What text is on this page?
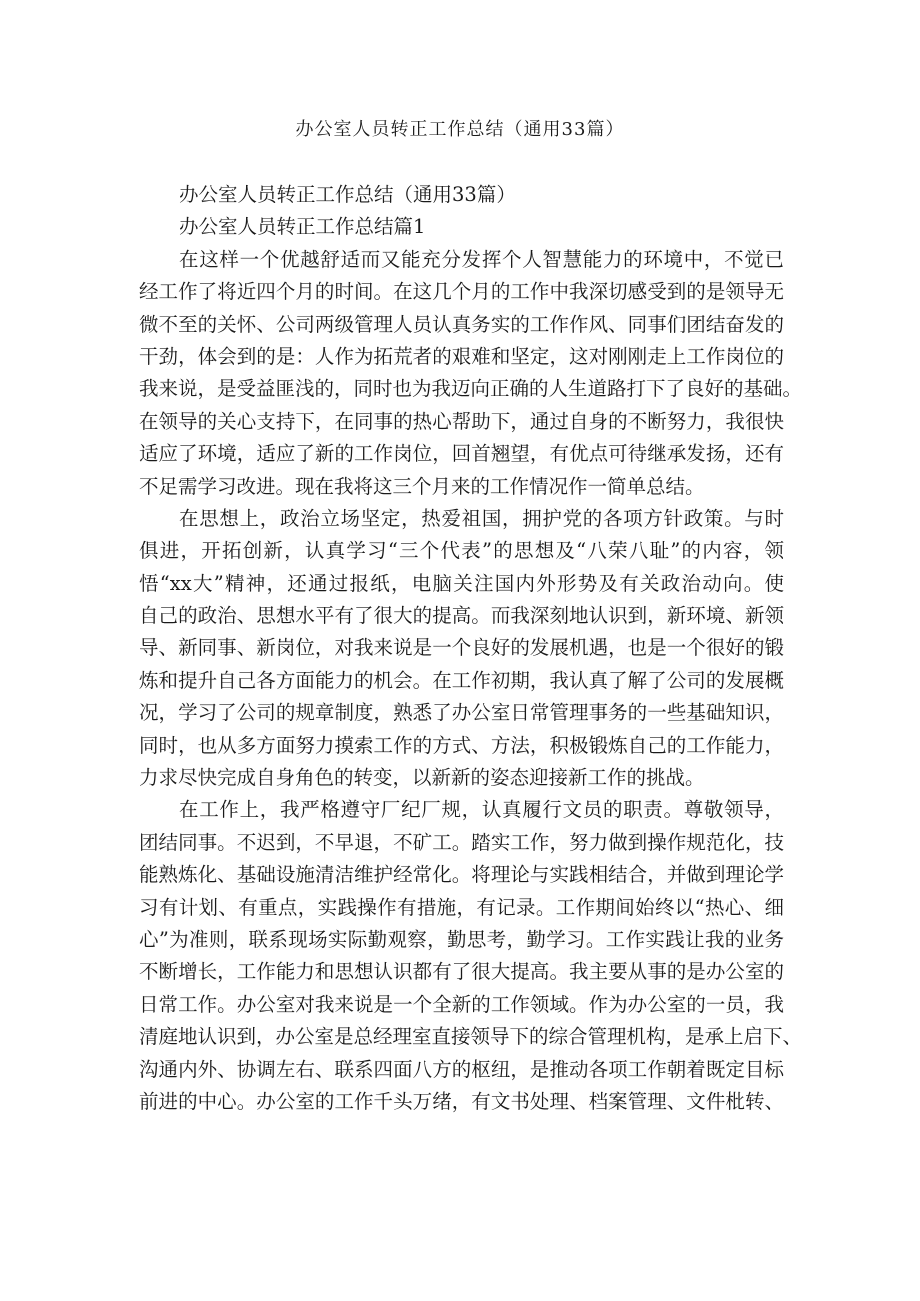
办公室人员转正工作总结（通用33篇）

办公室人员转正工作总结（通用33篇）

办公室人员转正工作总结篇1

在这样一个优越舒适而又能充分发挥个人智慧能力的环境中，不觉已

经工作了将近四个月的时间。在这几个月的工作中我深切感受到的是领导无

微不至的关怀、公司两级管理人员认真务实的工作作风、同事们团结奋发的

干劲，体会到的是：人作为拓荒者的艰难和坚定，这对刚刚走上工作岗位的

我来说，是受益匪浅的，同时也为我迈向正确的人生道路打下了良好的基础。

在领导的关心支持下，在同事的热心帮助下，通过自身的不断努力，我很快

适应了环境，适应了新的工作岗位，回首翘望，有优点可待继承发扬，还有

不足需学习改进。现在我将这三个月来的工作情况作一简单总结。

在思想上，政治立场坚定，热爱祖国，拥护党的各项方针政策。与时

俱进，开拓创新，认真学习“三个代表”的思想及“八荣八耻”的内容，领

悟“xx大”精神，还通过报纸，电脑关注国内外形势及有关政治动向。使

自己的政治、思想水平有了很大的提高。而我深刻地认识到，新环境、新领

导、新同事、新岗位，对我来说是一个良好的发展机遇，也是一个很好的锻

炼和提升自己各方面能力的机会。在工作初期，我认真了解了公司的发展概

况，学习了公司的规章制度，熟悉了办公室日常管理事务的一些基础知识，

同时，也从多方面努力摸索工作的方式、方法，积极锻炼自己的工作能力，

力求尽快完成自身角色的转变，以新新的姿态迎接新工作的挑战。

在工作上，我严格遵守厂纪厂规，认真履行文员的职责。尊敬领导，

团结同事。不迟到，不早退，不矿工。踏实工作，努力做到操作规范化，技

能熟炼化、基础设施清洁维护经常化。将理论与实践相结合，并做到理论学

习有计划、有重点，实践操作有措施，有记录。工作期间始终以“热心、细

心”为准则，联系现场实际勤观察，勤思考，勤学习。工作实践让我的业务

不断增长，工作能力和思想认识都有了很大提高。我主要从事的是办公室的

日常工作。办公室对我来说是一个全新的工作领域。作为办公室的一员，我

清庭地认识到，办公室是总经理室直接领导下的综合管理机构，是承上启下、

沟通内外、协调左右、联系四面八方的枢纽，是推动各项工作朝着既定目标

前进的中心。办公室的工作千头万绪，有文书处理、档案管理、文件枇转、
